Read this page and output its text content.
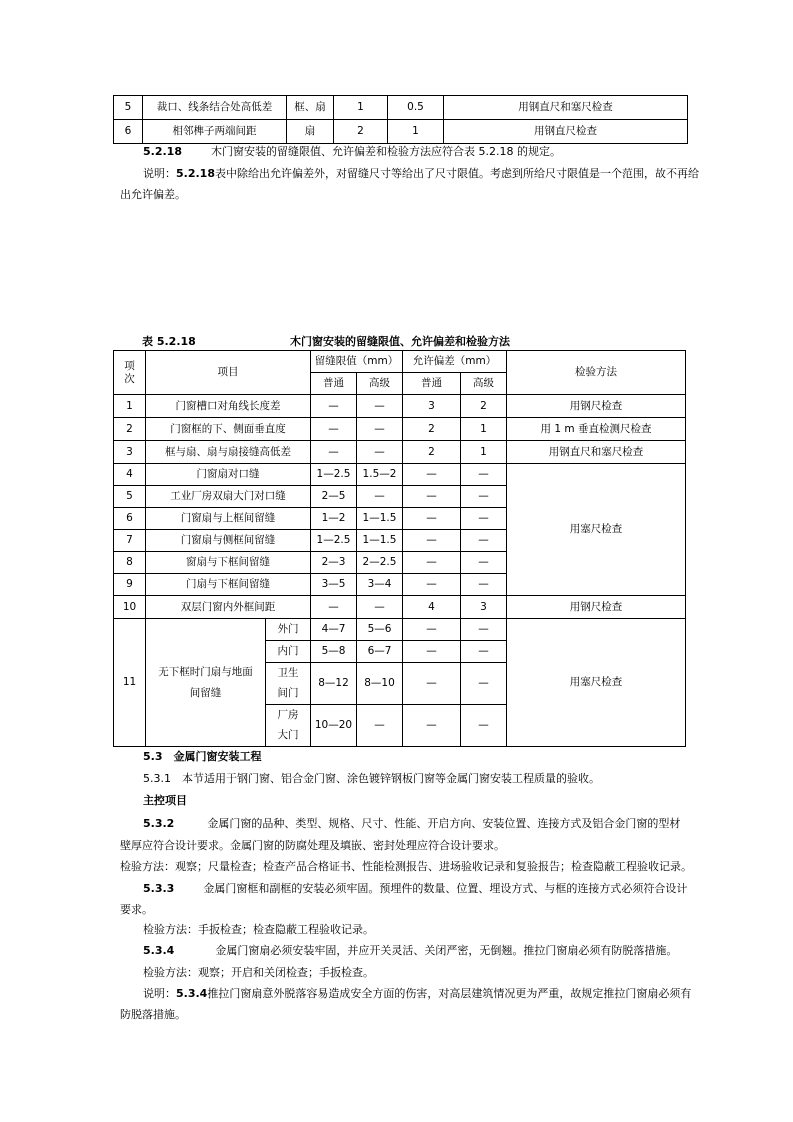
5	裁口、线条结合处高低差	框、扇	1	0.5	用钢直尺和塞尺检查
6	相邻榫子两端间距	扇	2	1	用钢直尺检查
5.2.18	木门窗安装的留缝限值、允许偏差和检验方法应符合表 5.2.18 的规定。
说明：5.2.18表中除给出允许偏差外，对留缝尺寸等给出了尺寸限值。考虑到所给尺寸限值是一个范围，故不再给
出允许偏差。
表 5.2.18	木门窗安装的留缝限值、允许偏差和检验方法
项
次	项目		留缝限值（mm）		允许偏差（mm）		检验方法
			普通	高级	普通	高级	
1	门窗槽口对角线长度差		—	—	3	2	用钢尺检查
2	门窗框的下、侧面垂直度		—	—	2	1	用 1 m 垂直检测尺检查
3	框与扇、扇与扇接缝高低差		—	—	2	1	用钢直尺和塞尺检查
4	门窗扇对口缝		1—2.5	1.5—2	—	—	用塞尺检查
5	工业厂房双扇大门对口缝		2—5	—	—	—	
6	门窗扇与上框间留缝		1—2	1—1.5	—	—	
7	门窗扇与侧框间留缝		1—2.5	1—1.5	—	—	
8	窗扇与下框间留缝		2—3	2—2.5	—	—	
9	门扇与下框间留缝		3—5	3—4	—	—	
10	双层门窗内外框间距		—	—	4	3	用钢尺检查
11	无下框时门扇与地面
间留缝	外门	4—7	5—6	—	—	用塞尺检查
		内门	5—8	6—7	—	—	

		卫生
间门	8—12	8—10	—	—	

		厂房
大门	10—20	—	—	—	
5.3　金属门窗安装工程
5.3.1　本节适用于钢门窗、铝合金门窗、涂色镀锌钢板门窗等金属门窗安装工程质量的验收。
主控项目
5.3.2	金属门窗的品种、类型、规格、尺寸、性能、开启方向、安装位置、连接方式及铝合金门窗的型材
壁厚应符合设计要求。金属门窗的防腐处理及填嵌、密封处理应符合设计要求。
检验方法：观察；尺量检查；检查产品合格证书、性能检测报告、进场验收记录和复验报告；检查隐蔽工程验收记录。
5.3.3	金属门窗框和副框的安装必须牢固。预埋件的数量、位置、埋设方式、与框的连接方式必须符合设计
要求。
检验方法：手扳检查；检查隐蔽工程验收记录。
5.3.4	金属门窗扇必须安装牢固，并应开关灵活、关闭严密，无倒翘。推拉门窗扇必须有防脱落措施。
检验方法：观察；开启和关闭检查；手扳检查。
说明：5.3.4推拉门窗扇意外脱落容易造成安全方面的伤害，对高层建筑情况更为严重，故规定推拉门窗扇必须有
防脱落措施。
